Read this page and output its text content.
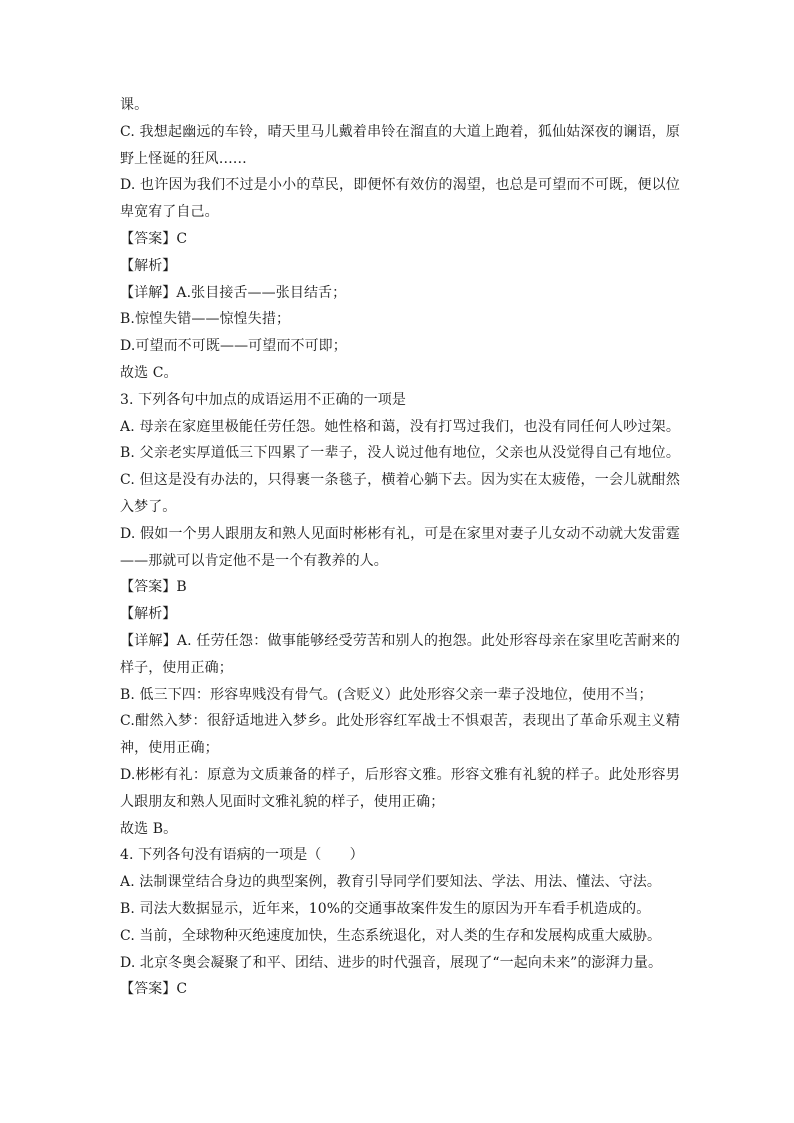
课。
C. 我想起幽远的车铃，晴天里马儿戴着串铃在溜直的大道上跑着，狐仙姑深夜的谰语，原
野上怪诞的狂风……
D. 也许因为我们不过是小小的草民，即便怀有效仿的渴望，也总是可望而不可既，便以位
卑宽宥了自己。
【答案】C
【解析】
【详解】A.张目接舌——张目结舌；
B.惊惶失错——惊惶失措；
D.可望而不可既——可望而不可即；
故选 C。
3. 下列各句中加点的成语运用不正确的一项是
A. 母亲在家庭里极能任劳任怨。她性格和蔼，没有打骂过我们，也没有同任何人吵过架。
B. 父亲老实厚道低三下四累了一辈子，没人说过他有地位，父亲也从没觉得自己有地位。
C. 但这是没有办法的，只得裹一条毯子，横着心躺下去。因为实在太疲倦，一会儿就酣然
入梦了。
D. 假如一个男人跟朋友和熟人见面时彬彬有礼，可是在家里对妻子儿女动不动就大发雷霆
——那就可以肯定他不是一个有教养的人。
【答案】B
【解析】
【详解】A. 任劳任怨：做事能够经受劳苦和别人的抱怨。此处形容母亲在家里吃苦耐来的
样子，使用正确；
B. 低三下四：形容卑贱没有骨气。(含贬义）此处形容父亲一辈子没地位，使用不当；
C.酣然入梦：很舒适地进入梦乡。此处形容红军战士不惧艰苦，表现出了革命乐观主义精
神，使用正确；
D.彬彬有礼：原意为文质兼备的样子，后形容文雅。形容文雅有礼貌的样子。此处形容男
人跟朋友和熟人见面时文雅礼貌的样子，使用正确；
故选 B。
4. 下列各句没有语病的一项是（　　）
A. 法制课堂结合身边的典型案例，教育引导同学们要知法、学法、用法、懂法、守法。
B. 司法大数据显示，近年来，10%的交通事故案件发生的原因为开车看手机造成的。
C. 当前，全球物种灭绝速度加快，生态系统退化，对人类的生存和发展构成重大威胁。
D. 北京冬奥会凝聚了和平、团结、进步的时代强音，展现了“一起向未来”的澎湃力量。
【答案】C
